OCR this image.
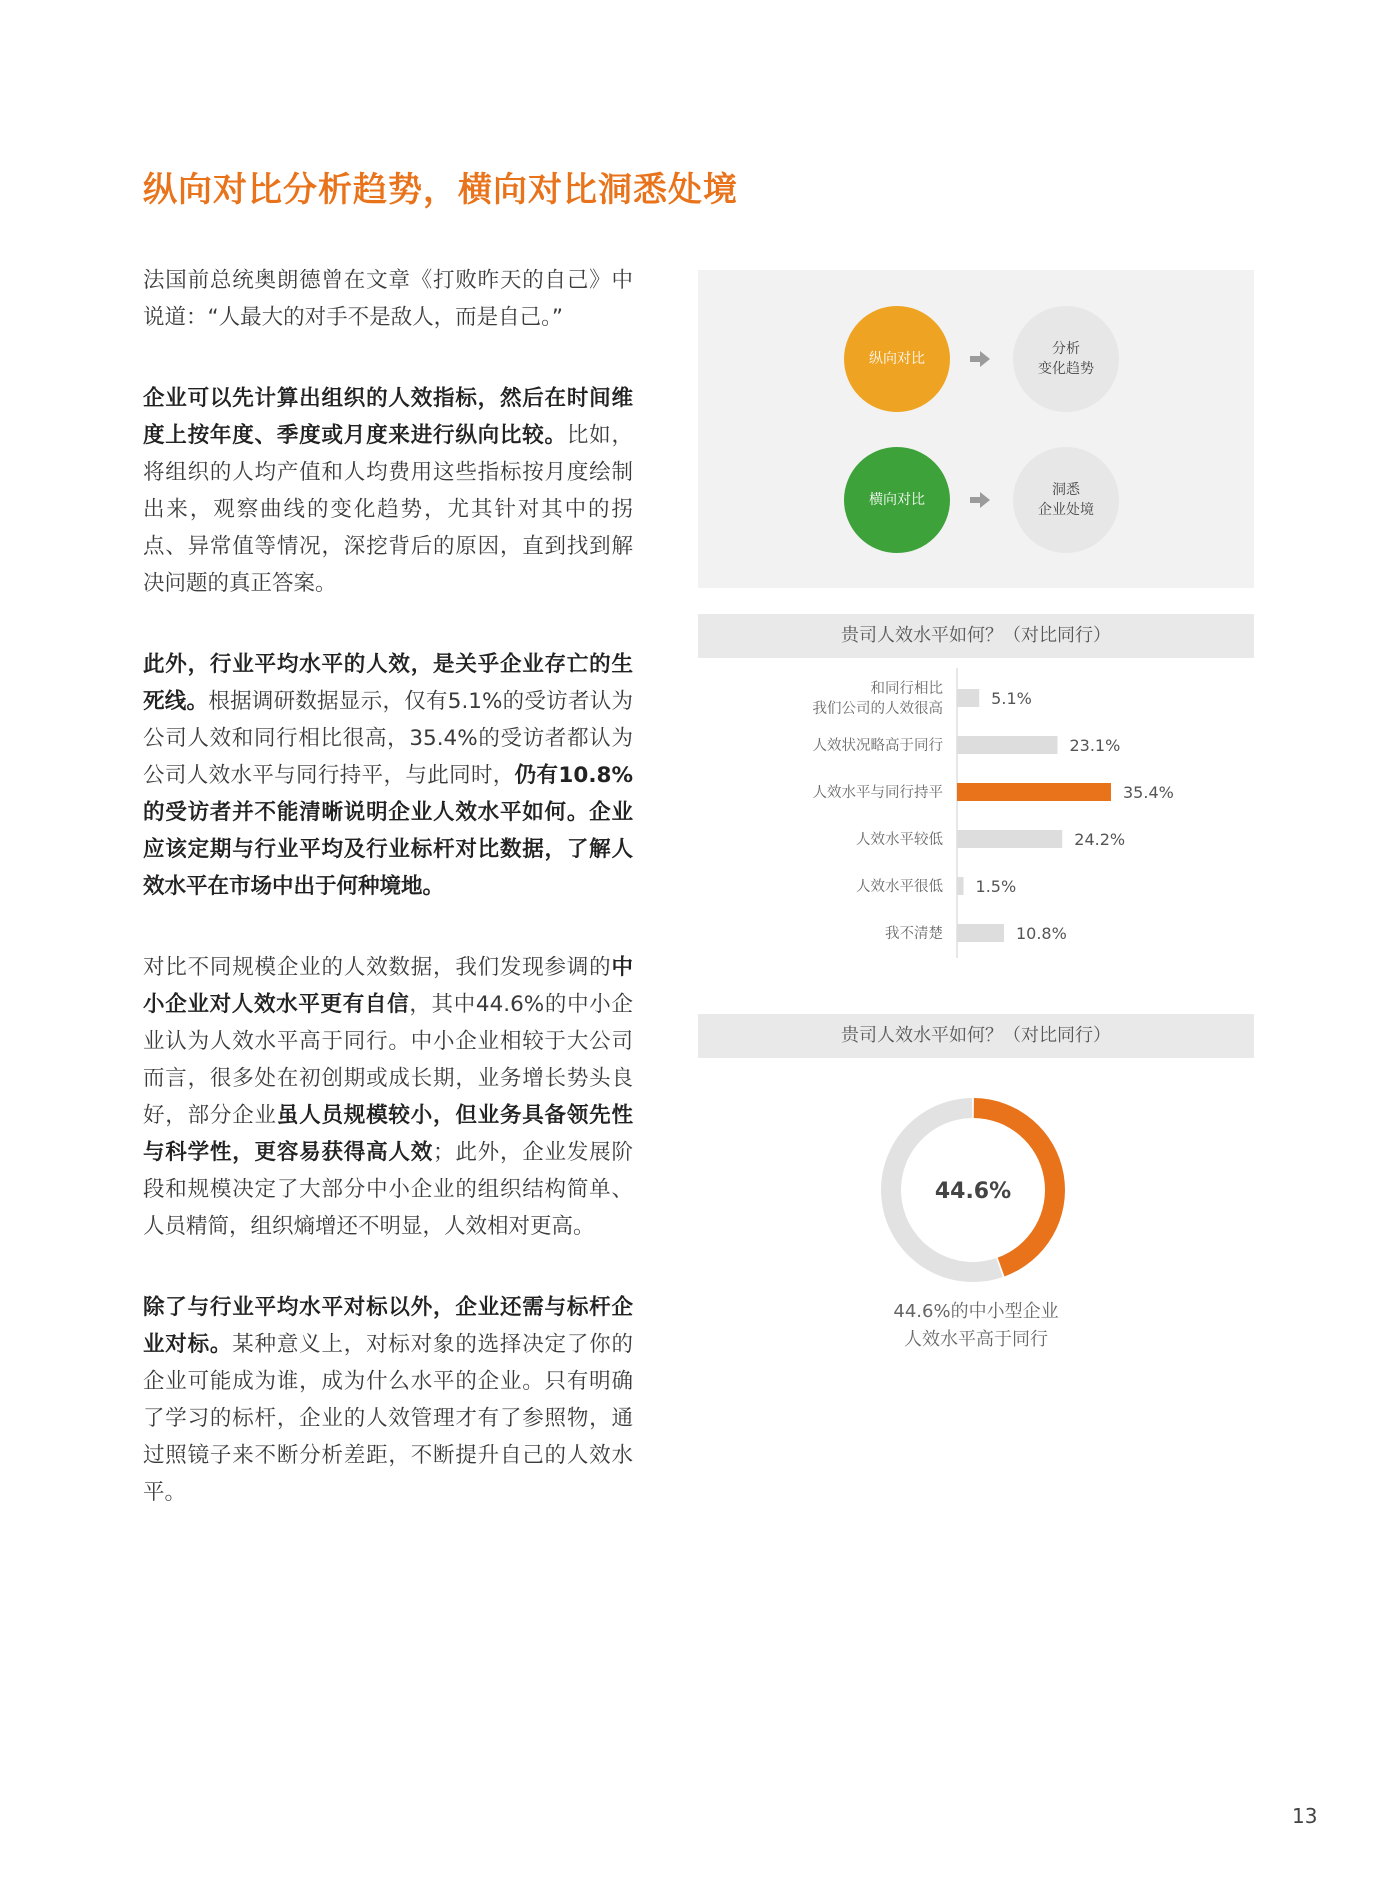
纵向对比分析趋势，横向对比洞悉处境

法国前总统奥朗德曾在文章《打败昨天的自己》中说道：“人最大的对手不是敌人，而是自己。”

企业可以先计算出组织的人效指标，然后在时间维度上按年度、季度或月度来进行纵向比较。比如，将组织的人均产值和人均费用这些指标按月度绘制出来，观察曲线的变化趋势，尤其针对其中的拐点、异常值等情况，深挖背后的原因，直到找到解决问题的真正答案。

此外，行业平均水平的人效，是关乎企业存亡的生死线。根据调研数据显示，仅有5.1%的受访者认为公司人效和同行相比很高，35.4%的受访者都认为公司人效水平与同行持平，与此同时，仍有10.8%的受访者并不能清晰说明企业人效水平如何。企业应该定期与行业平均及行业标杆对比数据，了解人效水平在市场中出于何种境地。

对比不同规模企业的人效数据，我们发现参调的中小企业对人效水平更有自信，其中44.6%的中小企业认为人效水平高于同行。中小企业相较于大公司而言，很多处在初创期或成长期，业务增长势头良好，部分企业虽人员规模较小，但业务具备领先性与科学性，更容易获得高人效；此外，企业发展阶段和规模决定了大部分中小企业的组织结构简单、人员精简，组织熵增还不明显，人效相对更高。

除了与行业平均水平对标以外，企业还需与标杆企业对标。某种意义上，对标对象的选择决定了你的企业可能成为谁，成为什么水平的企业。只有明确了学习的标杆，企业的人效管理才有了参照物，通过照镜子来不断分析差距，不断提升自己的人效水平。

纵向对比
分析
变化趋势
横向对比
洞悉
企业处境
贵司人效水平如何？（对比同行）
5.1%
和同行相比
我们公司的人效很高
23.1%
人效状况略高于同行
35.4%
人效水平与同行持平
24.2%
人效水平较低
1.5%
人效水平很低
10.8%
我不清楚
贵司人效水平如何？（对比同行）
44.6%
44.6%的中小型企业
人效水平高于同行
13
